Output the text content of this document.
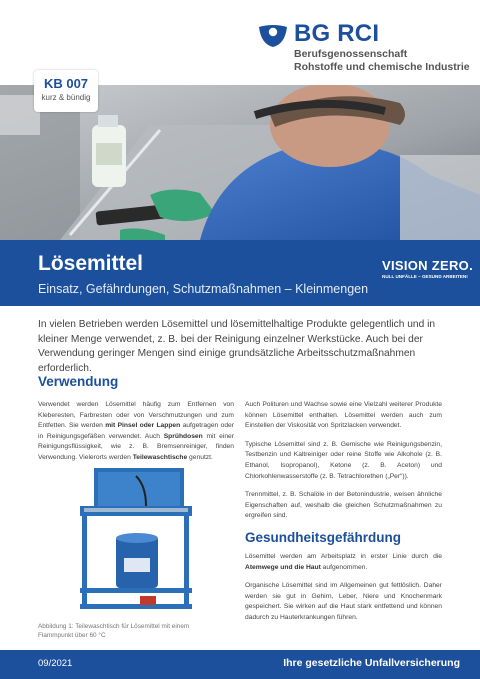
BG RCI
Berufsgenossenschaft
Rohstoffe und chemische Industrie
KB 007
kurz & bündig
Lösemittel
Einsatz, Gefährdungen, Schutzmaßnahmen – Kleinmengen
VISION ZERO.
NULL UNFÄLLE – GESUND ARBEITEN!

In vielen Betrieben werden Lösemittel und lösemittelhaltige Produkte gelegentlich und in kleiner Menge verwendet, z. B. bei der Reinigung einzelner Werkstücke. Auch bei der Verwendung geringer Mengen sind einige grundsätzliche Arbeitsschutzmaßnahmen erforderlich.

Verwendung

Verwendet werden Lösemittel häufig zum Entfernen von Kleberesten, Farbresten oder von Verschmutzungen und zum Entfetten. Sie werden mit Pinsel oder Lappen aufgetragen oder in Reinigungsgefäßen verwendet. Auch Sprühdosen mit einer Reinigungsflüssigkeit, wie z. B. Bremsenreiniger, finden Verwendung. Vielerorts werden Teilewaschtische genutzt.

Abbildung 1: Teilewaschtisch für Lösemittel mit einem Flammpunkt über 60 °C

Auch Polituren und Wachse sowie eine Vielzahl weiterer Produkte können Lösemittel enthalten. Lösemittel werden auch zum Einstellen der Viskosität von Spritzlacken verwendet.

Typische Lösemittel sind z. B. Gemische wie Reinigungsbenzin, Testbenzin und Kaltreiniger oder reine Stoffe wie Alkohole (z. B. Ethanol, Isopropanol), Ketone (z. B. Aceton) und Chlorkohlenwasserstoffe (z. B. Tetrachlorethen („Per“)).

Trennmittel, z. B. Schalöle in der Betonindustrie, weisen ähnliche Eigenschaften auf, weshalb die gleichen Schutzmaßnahmen zu ergreifen sind.

Gesundheitsgefährdung

Lösemittel werden am Arbeitsplatz in erster Linie durch die Atemwege und die Haut aufgenommen.

Organische Lösemittel sind im Allgemeinen gut fettlöslich. Daher werden sie gut in Gehirn, Leber, Niere und Knochenmark gespeichert. Sie wirken auf die Haut stark entfettend und können dadurch zu Hauterkrankungen führen.

09/2021	Ihre gesetzliche Unfallversicherung
